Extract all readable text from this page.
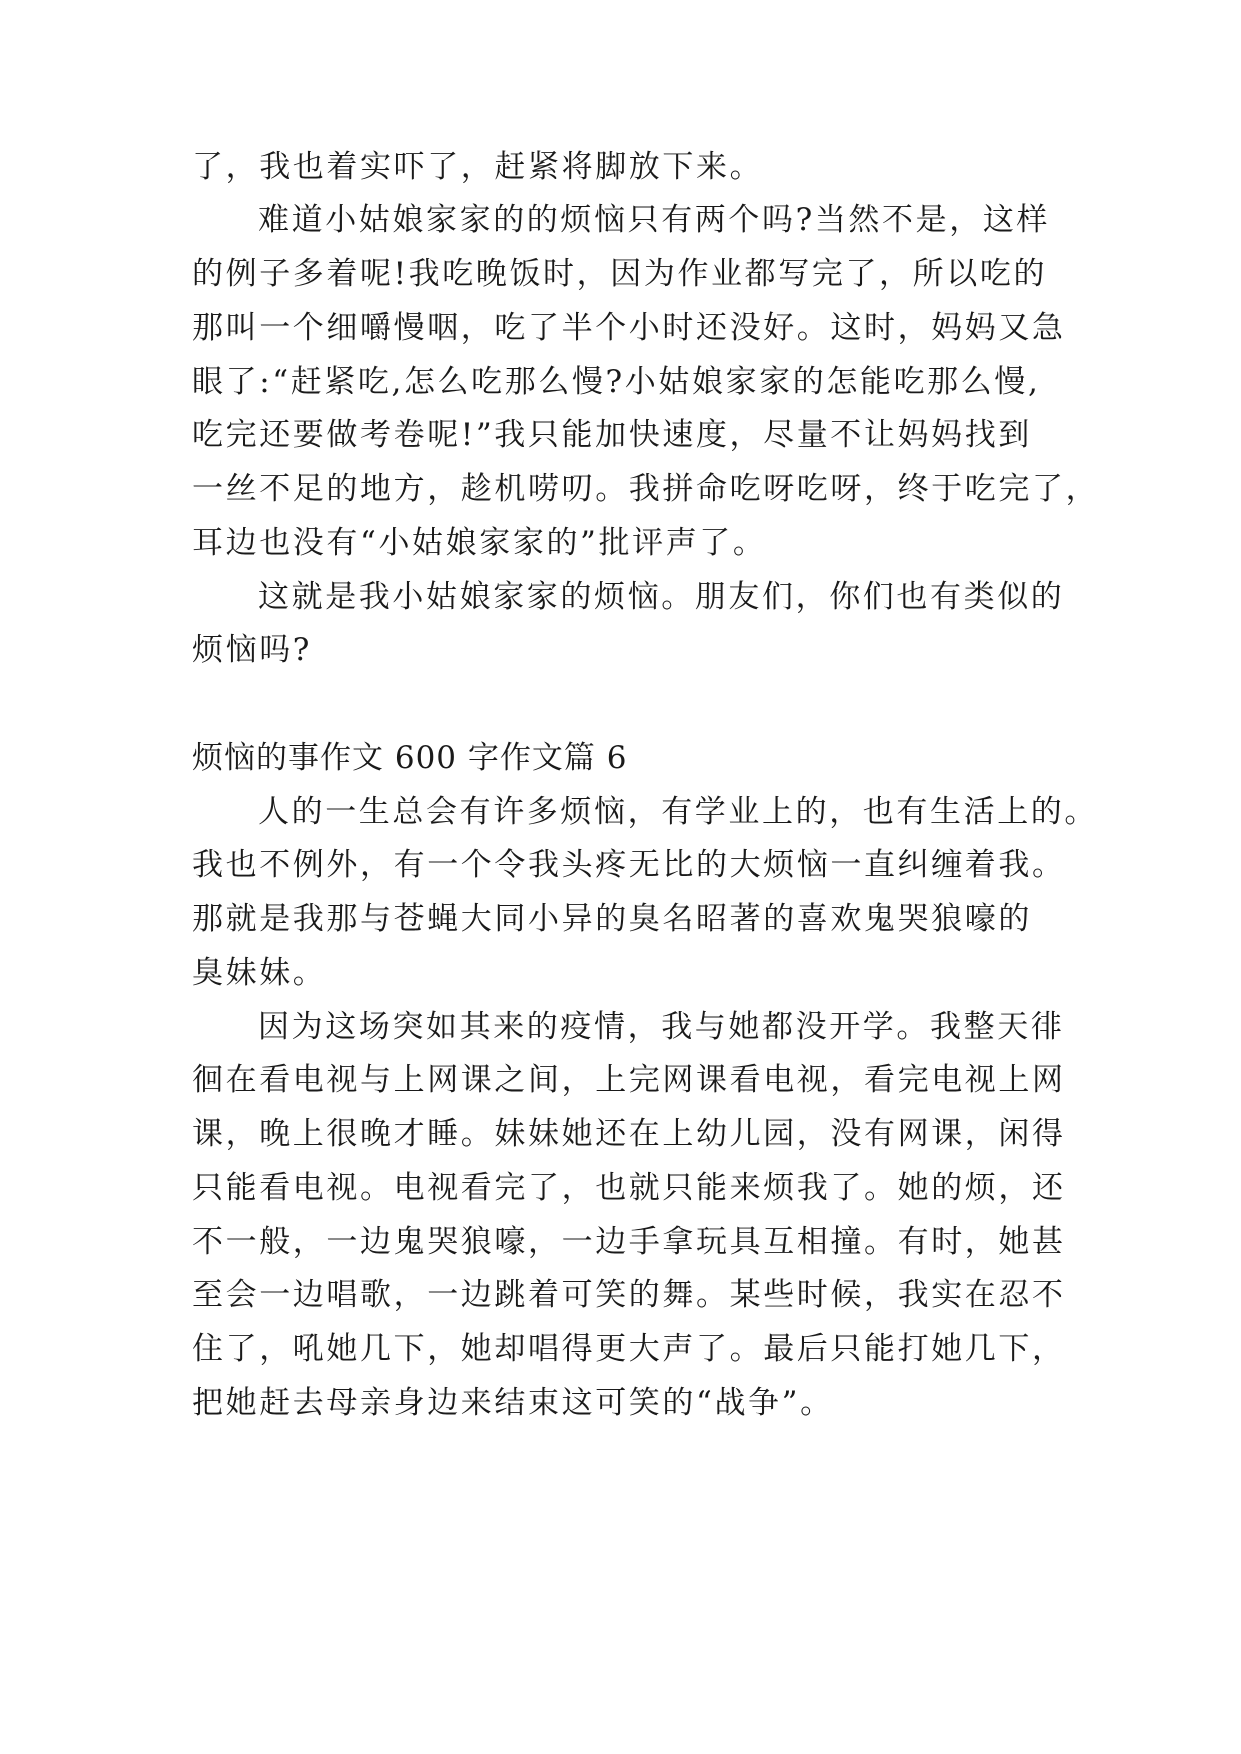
了，我也着实吓了，赶紧将脚放下来。
难道小姑娘家家的的烦恼只有两个吗?当然不是，这样
的例子多着呢!我吃晚饭时，因为作业都写完了，所以吃的
那叫一个细嚼慢咽，吃了半个小时还没好。这时，妈妈又急
眼了:“赶紧吃,怎么吃那么慢?小姑娘家家的怎能吃那么慢,
吃完还要做考卷呢!”我只能加快速度，尽量不让妈妈找到
一丝不足的地方，趁机唠叨。我拼命吃呀吃呀，终于吃完了，
耳边也没有“小姑娘家家的”批评声了。
这就是我小姑娘家家的烦恼。朋友们，你们也有类似的
烦恼吗?
烦恼的事作文 600 字作文篇 6
人的一生总会有许多烦恼，有学业上的，也有生活上的。
我也不例外，有一个令我头疼无比的大烦恼一直纠缠着我。
那就是我那与苍蝇大同小异的臭名昭著的喜欢鬼哭狼嚎的
臭妹妹。
因为这场突如其来的疫情，我与她都没开学。我整天徘
徊在看电视与上网课之间，上完网课看电视，看完电视上网
课，晚上很晚才睡。妹妹她还在上幼儿园，没有网课，闲得
只能看电视。电视看完了，也就只能来烦我了。她的烦，还
不一般，一边鬼哭狼嚎，一边手拿玩具互相撞。有时，她甚
至会一边唱歌，一边跳着可笑的舞。某些时候，我实在忍不
住了，吼她几下，她却唱得更大声了。最后只能打她几下，
把她赶去母亲身边来结束这可笑的“战争”。
